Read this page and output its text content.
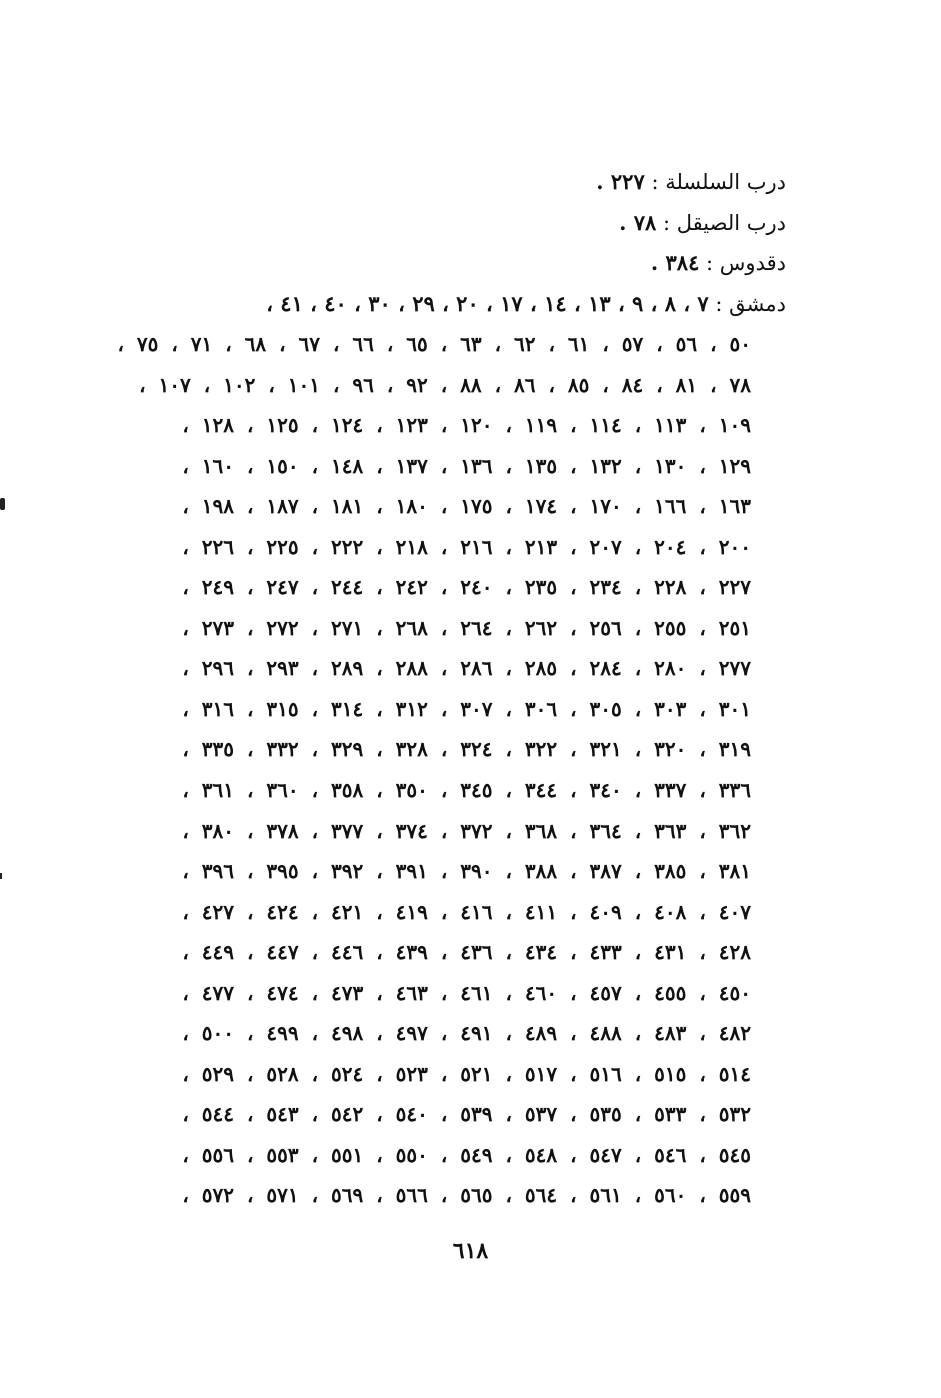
درب السلسلة : ٢٢٧ .
درب الصيقل : ٧٨ .
دقدوس : ٣٨٤ .
دمشق : ٧ ، ٨ ، ٩ ، ١٣ ، ١٤ ، ١٧ ، ٢٠ ، ٢٩ ، ٣٠ ، ٤٠ ، ٤١ ،
٥٠ ، ٥٦ ، ٥٧ ، ٦١ ، ٦٢ ، ٦٣ ، ٦٥ ، ٦٦ ، ٦٧ ، ٦٨ ، ٧١ ، ٧٥ ،
٧٨ ، ٨١ ، ٨٤ ، ٨٥ ، ٨٦ ، ٨٨ ، ٩٢ ، ٩٦ ، ١٠١ ، ١٠٢ ، ١٠٧ ،
١٠٩ ، ١١٣ ، ١١٤ ، ١١٩ ، ١٢٠ ، ١٢٣ ، ١٢٤ ، ١٢٥ ، ١٢٨ ،
١٢٩ ، ١٣٠ ، ١٣٢ ، ١٣٥ ، ١٣٦ ، ١٣٧ ، ١٤٨ ، ١٥٠ ، ١٦٠ ،
١٦٣ ، ١٦٦ ، ١٧٠ ، ١٧٤ ، ١٧٥ ، ١٨٠ ، ١٨١ ، ١٨٧ ، ١٩٨ ،
٢٠٠ ، ٢٠٤ ، ٢٠٧ ، ٢١٣ ، ٢١٦ ، ٢١٨ ، ٢٢٢ ، ٢٢٥ ، ٢٢٦ ،
٢٢٧ ، ٢٢٨ ، ٢٣٤ ، ٢٣٥ ، ٢٤٠ ، ٢٤٢ ، ٢٤٤ ، ٢٤٧ ، ٢٤٩ ،
٢٥١ ، ٢٥٥ ، ٢٥٦ ، ٢٦٢ ، ٢٦٤ ، ٢٦٨ ، ٢٧١ ، ٢٧٢ ، ٢٧٣ ،
٢٧٧ ، ٢٨٠ ، ٢٨٤ ، ٢٨٥ ، ٢٨٦ ، ٢٨٨ ، ٢٨٩ ، ٢٩٣ ، ٢٩٦ ،
٣٠١ ، ٣٠٣ ، ٣٠٥ ، ٣٠٦ ، ٣٠٧ ، ٣١٢ ، ٣١٤ ، ٣١٥ ، ٣١٦ ،
٣١٩ ، ٣٢٠ ، ٣٢١ ، ٣٢٢ ، ٣٢٤ ، ٣٢٨ ، ٣٢٩ ، ٣٣٢ ، ٣٣٥ ،
٣٣٦ ، ٣٣٧ ، ٣٤٠ ، ٣٤٤ ، ٣٤٥ ، ٣٥٠ ، ٣٥٨ ، ٣٦٠ ، ٣٦١ ،
٣٦٢ ، ٣٦٣ ، ٣٦٤ ، ٣٦٨ ، ٣٧٢ ، ٣٧٤ ، ٣٧٧ ، ٣٧٨ ، ٣٨٠ ،
٣٨١ ، ٣٨٥ ، ٣٨٧ ، ٣٨٨ ، ٣٩٠ ، ٣٩١ ، ٣٩٢ ، ٣٩٥ ، ٣٩٦ ،
٤٠٧ ، ٤٠٨ ، ٤٠٩ ، ٤١١ ، ٤١٦ ، ٤١٩ ، ٤٢١ ، ٤٢٤ ، ٤٢٧ ،
٤٢٨ ، ٤٣١ ، ٤٣٣ ، ٤٣٤ ، ٤٣٦ ، ٤٣٩ ، ٤٤٦ ، ٤٤٧ ، ٤٤٩ ،
٤٥٠ ، ٤٥٥ ، ٤٥٧ ، ٤٦٠ ، ٤٦١ ، ٤٦٣ ، ٤٧٣ ، ٤٧٤ ، ٤٧٧ ،
٤٨٢ ، ٤٨٣ ، ٤٨٨ ، ٤٨٩ ، ٤٩١ ، ٤٩٧ ، ٤٩٨ ، ٤٩٩ ، ٥٠٠ ،
٥١٤ ، ٥١٥ ، ٥١٦ ، ٥١٧ ، ٥٢١ ، ٥٢٣ ، ٥٢٤ ، ٥٢٨ ، ٥٢٩ ،
٥٣٢ ، ٥٣٣ ، ٥٣٥ ، ٥٣٧ ، ٥٣٩ ، ٥٤٠ ، ٥٤٢ ، ٥٤٣ ، ٥٤٤ ،
٥٤٥ ، ٥٤٦ ، ٥٤٧ ، ٥٤٨ ، ٥٤٩ ، ٥٥٠ ، ٥٥١ ، ٥٥٣ ، ٥٥٦ ،
٥٥٩ ، ٥٦٠ ، ٥٦١ ، ٥٦٤ ، ٥٦٥ ، ٥٦٦ ، ٥٦٩ ، ٥٧١ ، ٥٧٢ ،
٦١٨
